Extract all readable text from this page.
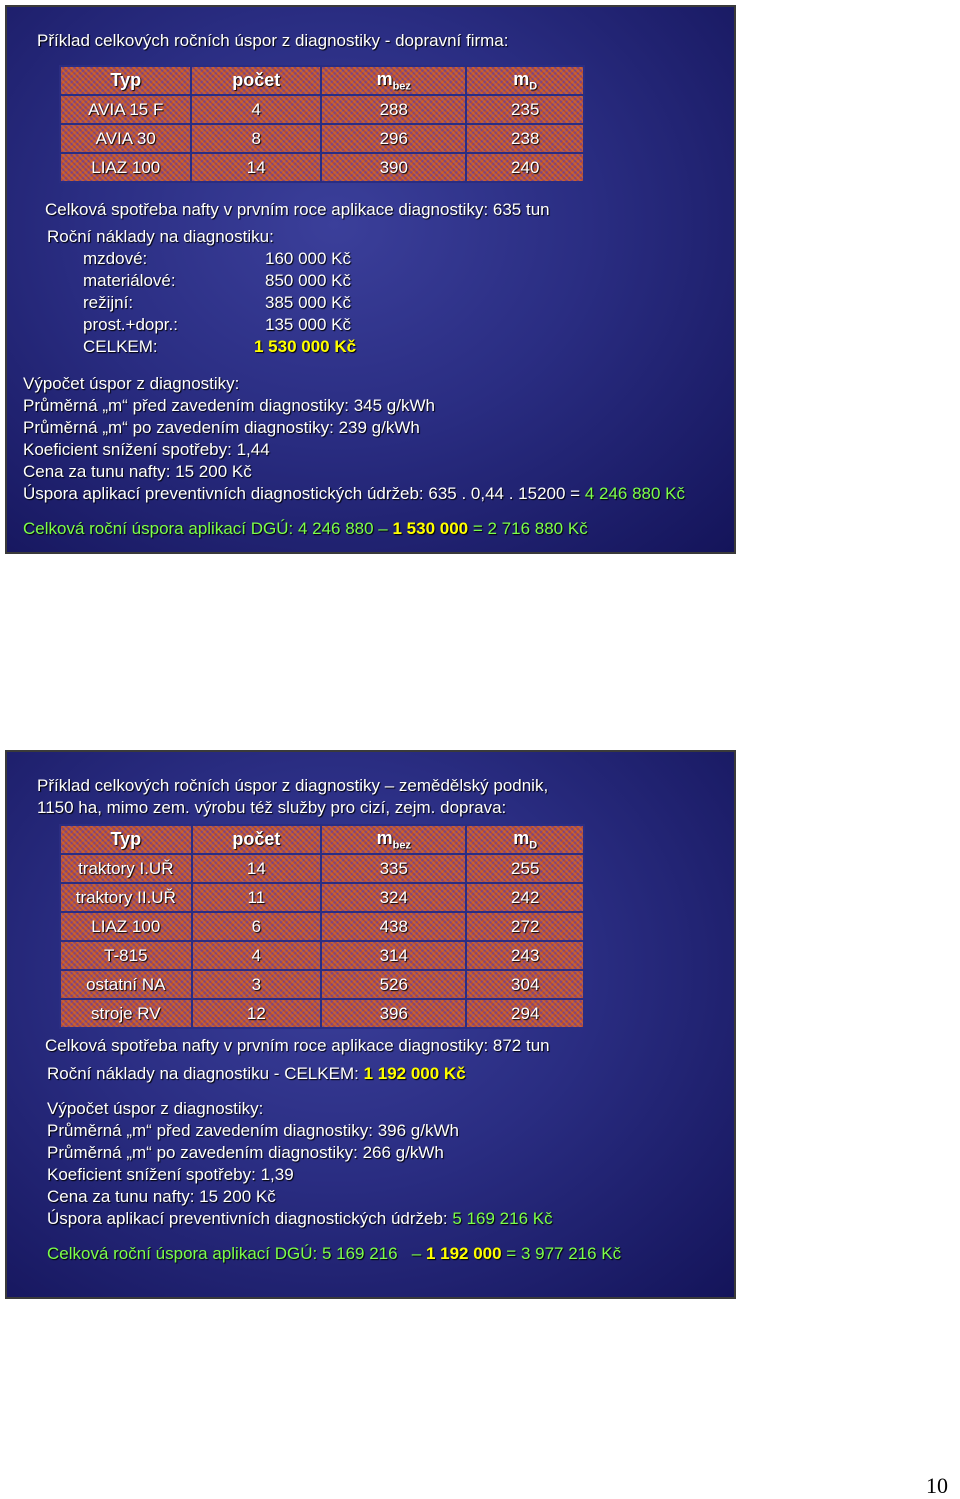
Příklad celkových ročních úspor z diagnostiky - dopravní firma:
Typ	počet	$m_{bez}$	$m_D$
AVIA 15 F	4	288	235
AVIA 30	8	296	238
LIAZ 100	14	390	240
Celková spotřeba nafty v prvním roce aplikace diagnostiky: 635 tun
Roční náklady na diagnostiku:
mzdové:	160 000 Kč
materiálové:	850 000 Kč
režijní:	385 000 Kč
prost.+dopr.:	135 000 Kč
CELKEM:	1 530 000 Kč
Výpočet úspor z diagnostiky:
Průměrná „m“ před zavedením diagnostiky: 345 g/kWh
Průměrná „m“ po zavedením diagnostiky: 239 g/kWh
Koeficient snížení spotřeby: 1,44
Cena za tunu nafty: 15 200 Kč
Úspora aplikací preventivních diagnostických údržeb: 635 . 0,44 . 15200 = 4 246 880 Kč
Celková roční úspora aplikací DGÚ: 4 246 880 – 1 530 000 = 2 716 880 Kč
Příklad celkových ročních úspor z diagnostiky – zemědělský podnik,
1150 ha, mimo zem. výrobu též služby pro cizí, zejm. doprava:
Typ	počet	$m_{bez}$	$m_D$
traktory I.UŘ	14	335	255
traktory II.UŘ	11	324	242
LIAZ 100	6	438	272
T-815	4	314	243
ostatní NA	3	526	304
stroje RV	12	396	294
Celková spotřeba nafty v prvním roce aplikace diagnostiky: 872 tun
Roční náklady na diagnostiku - CELKEM: 1 192 000 Kč
Výpočet úspor z diagnostiky:
Průměrná „m“ před zavedením diagnostiky: 396 g/kWh
Průměrná „m“ po zavedením diagnostiky: 266 g/kWh
Koeficient snížení spotřeby: 1,39
Cena za tunu nafty: 15 200 Kč
Úspora aplikací preventivních diagnostických údržeb: 5 169 216 Kč
Celková roční úspora aplikací DGÚ: 5 169 216   – 1 192 000 = 3 977 216 Kč
10
